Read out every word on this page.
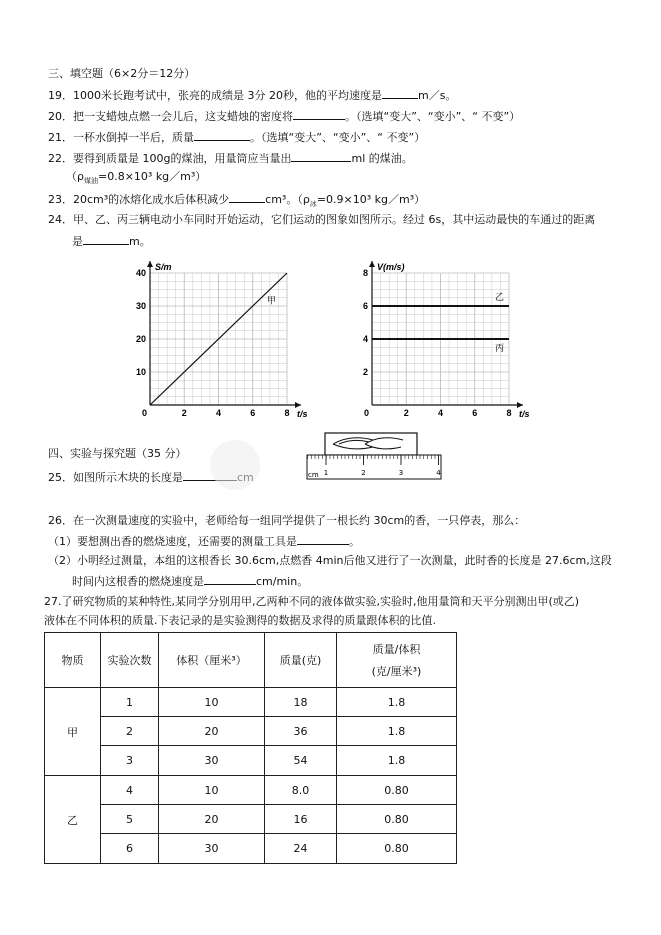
三、填空题（6×2分＝12分）
19．1000米长跑考试中，张亮的成绩是 3分 20秒，他的平均速度是	m／s。
20．把一支蜡烛点燃一会儿后，这支蜡烛的密度将	。（选填“变大”、“变小”、“ 不变”）
21．一杯水倒掉一半后，质量	。（选填“变大”、“变小”、“ 不变”）
22．要得到质量是 100g的煤油，用量筒应当量出	ml 的煤油。
（$\rho_{煤油}=0.8\times 10^3$ kg／m³）
23．20cm³的冰熔化成水后体积减少	cm³。（$\rho_冰=0.9\times 10^3$ kg／m³）
24．甲、乙、丙三辆电动小车同时开始运动，它们运动的图象如图所示。经过 6s，其中运动最快的车通过的距离
是	m。
S/m
t/s
0	2	4	6	8
10
20
30
40
甲
V(m/s)
t/s
0	2	4	6	8
2
4
6
8
乙
丙
四、实验与探究题（35 分）
25．如图所示木块的长度是	cm 1	2	3	4
26．在一次测量速度的实验中，老师给每一组同学提供了一根长约 30cm的香，一只停表，那么：
（1）要想测出香的燃烧速度，还需要的测量工具是	。
（2）小明经过测量，本组的这根香长 30.6cm,点燃香 4min后他又进行了一次测量，此时香的长度是 27.6cm,这段
时间内这根香的燃烧速度是	cm/min。
27.了研究物质的某种特性,某同学分别用甲,乙两种不同的液体做实验,实验时,他用量筒和天平分别测出甲(或乙)
液体在不同体积的质量.下表记录的是实验测得的数据及求得的质量跟体积的比值.
物质	实验次数	体积（厘米³）	质量(克)	质量/体积
(克/厘米³)

甲	1	10	18	1.8
	2	20	36	1.8
	3	30	54	1.8
乙	4	10	8.0	0.80
	5	20	16	0.80
	6	30	24	0.80
